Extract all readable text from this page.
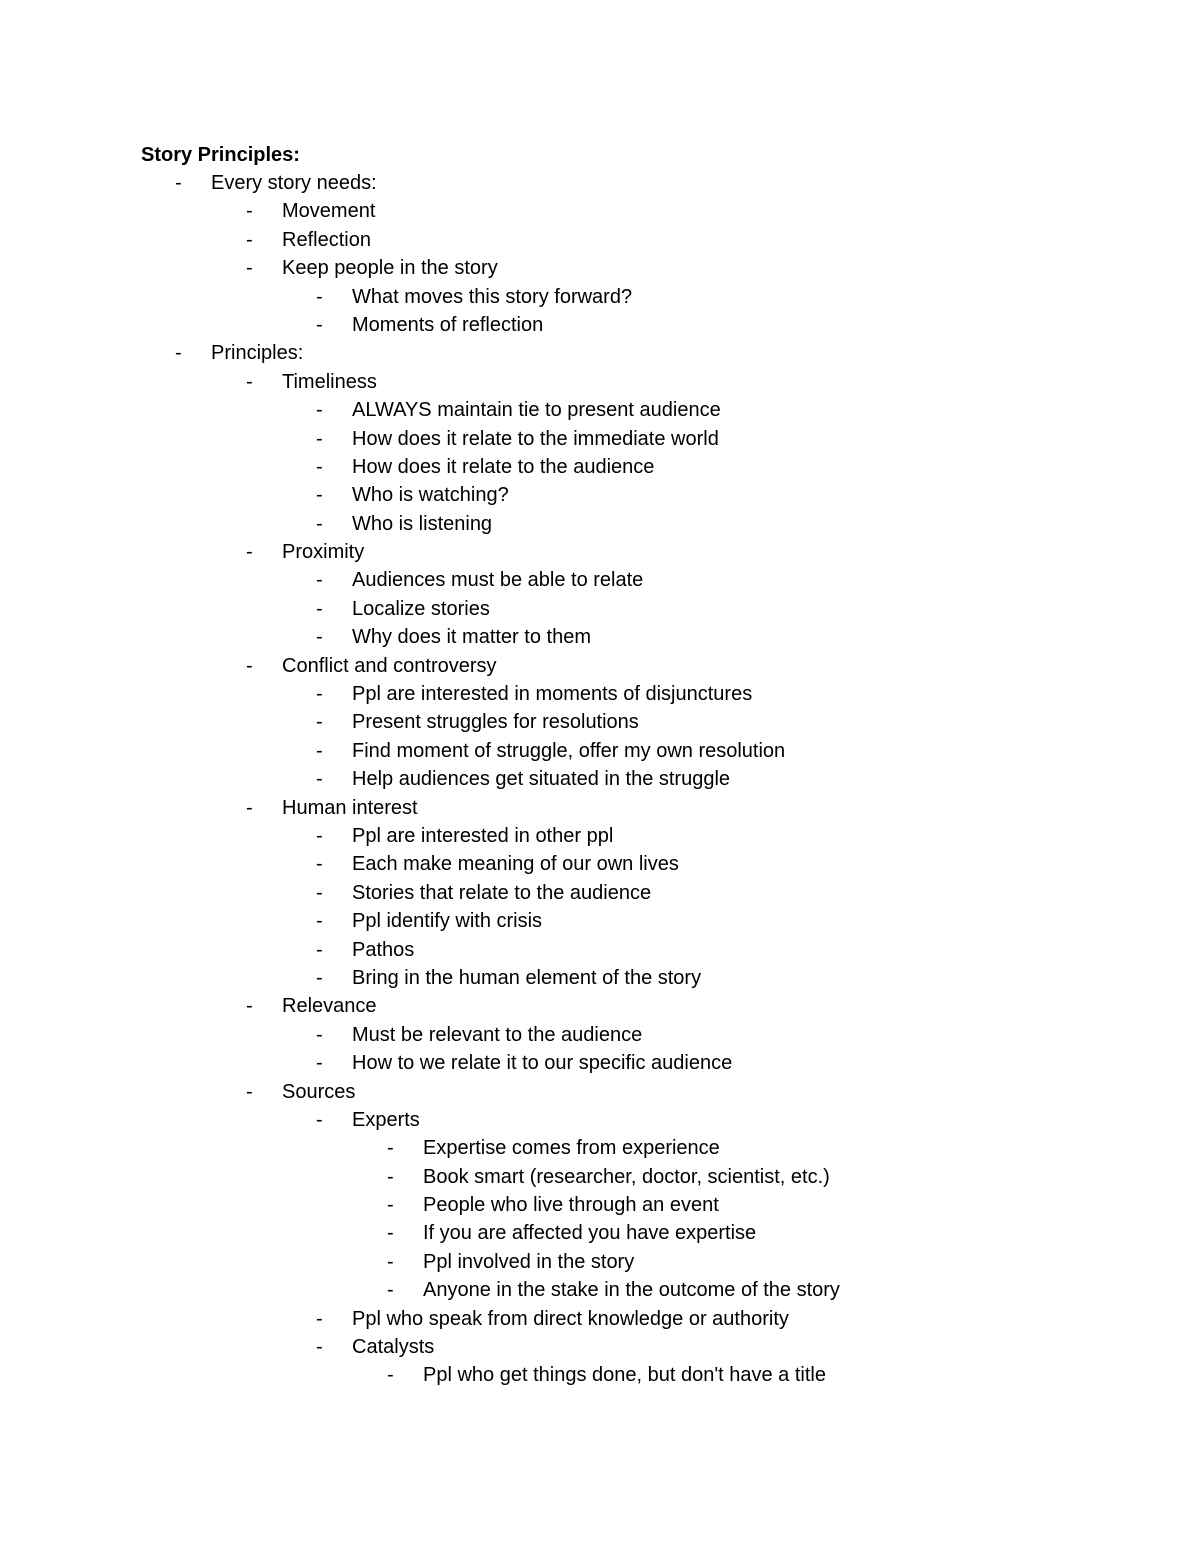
Story Principles:
- Every story needs:
- Movement
- Reflection
- Keep people in the story
- What moves this story forward?
- Moments of reflection
- Principles:
- Timeliness
- ALWAYS maintain tie to present audience
- How does it relate to the immediate world
- How does it relate to the audience
- Who is watching?
- Who is listening
- Proximity
- Audiences must be able to relate
- Localize stories
- Why does it matter to them
- Conflict and controversy
- Ppl are interested in moments of disjunctures
- Present struggles for resolutions
- Find moment of struggle, offer my own resolution
- Help audiences get situated in the struggle
- Human interest
- Ppl are interested in other ppl
- Each make meaning of our own lives
- Stories that relate to the audience
- Ppl identify with crisis
- Pathos
- Bring in the human element of the story
- Relevance
- Must be relevant to the audience
- How to we relate it to our specific audience
- Sources
- Experts
- Expertise comes from experience
- Book smart (researcher, doctor, scientist, etc.)
- People who live through an event
- If you are affected you have expertise
- Ppl involved in the story
- Anyone in the stake in the outcome of the story
- Ppl who speak from direct knowledge or authority
- Catalysts
- Ppl who get things done, but don't have a title
